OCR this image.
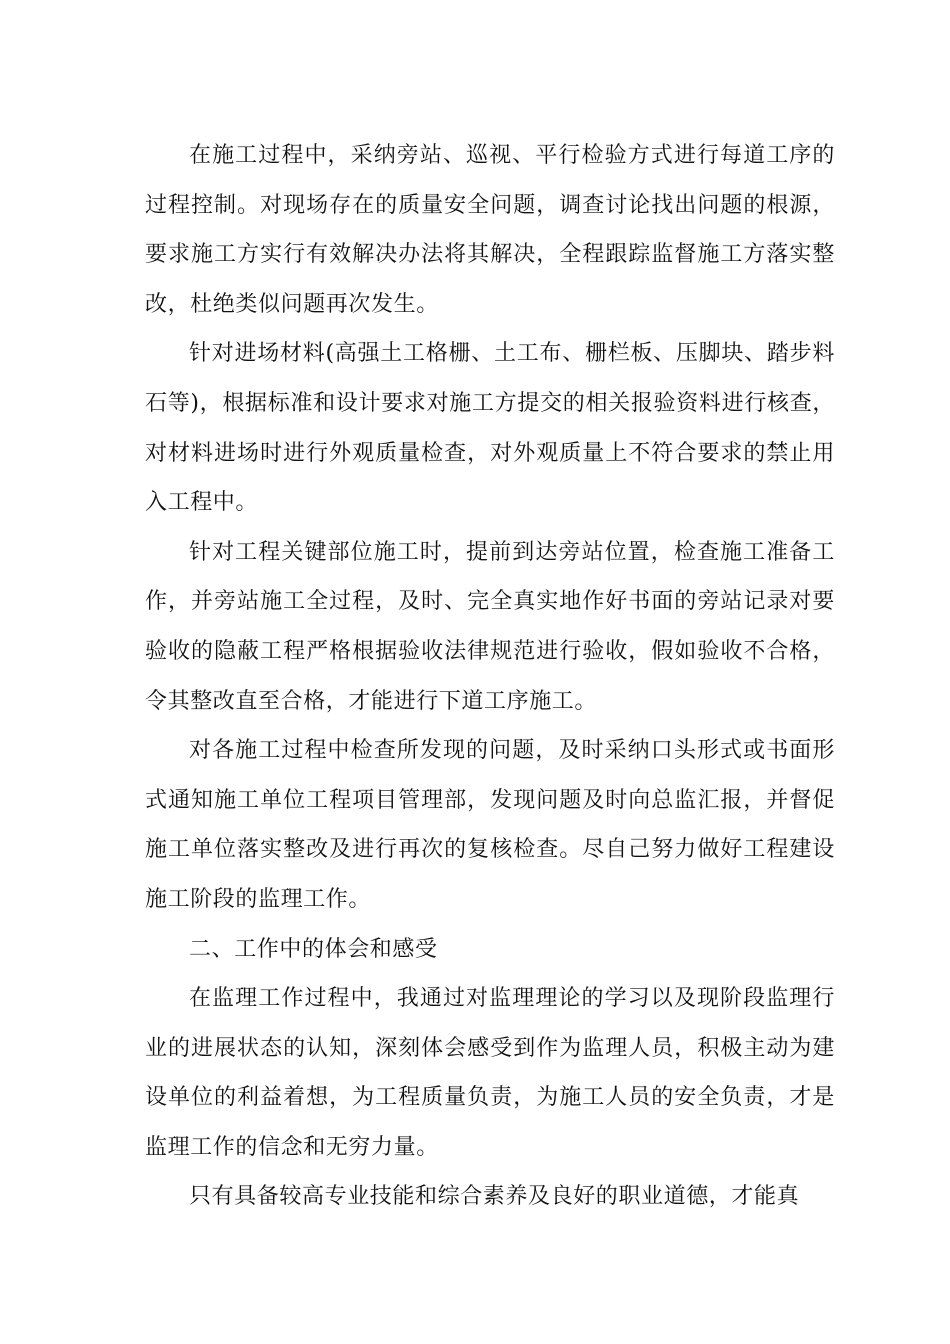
在施工过程中，采纳旁站、巡视、平行检验方式进行每道工序的过程控制。对现场存在的质量安全问题，调查讨论找出问题的根源，要求施工方实行有效解决办法将其解决，全程跟踪监督施工方落实整改，杜绝类似问题再次发生。

针对进场材料(高强土工格栅、土工布、栅栏板、压脚块、踏步料石等)，根据标准和设计要求对施工方提交的相关报验资料进行核查，对材料进场时进行外观质量检查，对外观质量上不符合要求的禁止用入工程中。

针对工程关键部位施工时，提前到达旁站位置，检查施工准备工作，并旁站施工全过程，及时、完全真实地作好书面的旁站记录对要验收的隐蔽工程严格根据验收法律规范进行验收，假如验收不合格，令其整改直至合格，才能进行下道工序施工。

对各施工过程中检查所发现的问题，及时采纳口头形式或书面形式通知施工单位工程项目管理部，发现问题及时向总监汇报，并督促施工单位落实整改及进行再次的复核检查。尽自己努力做好工程建设施工阶段的监理工作。

二、工作中的体会和感受

在监理工作过程中，我通过对监理理论的学习以及现阶段监理行业的进展状态的认知，深刻体会感受到作为监理人员，积极主动为建设单位的利益着想，为工程质量负责，为施工人员的安全负责，才是监理工作的信念和无穷力量。

只有具备较高专业技能和综合素养及良好的职业道德，才能真
